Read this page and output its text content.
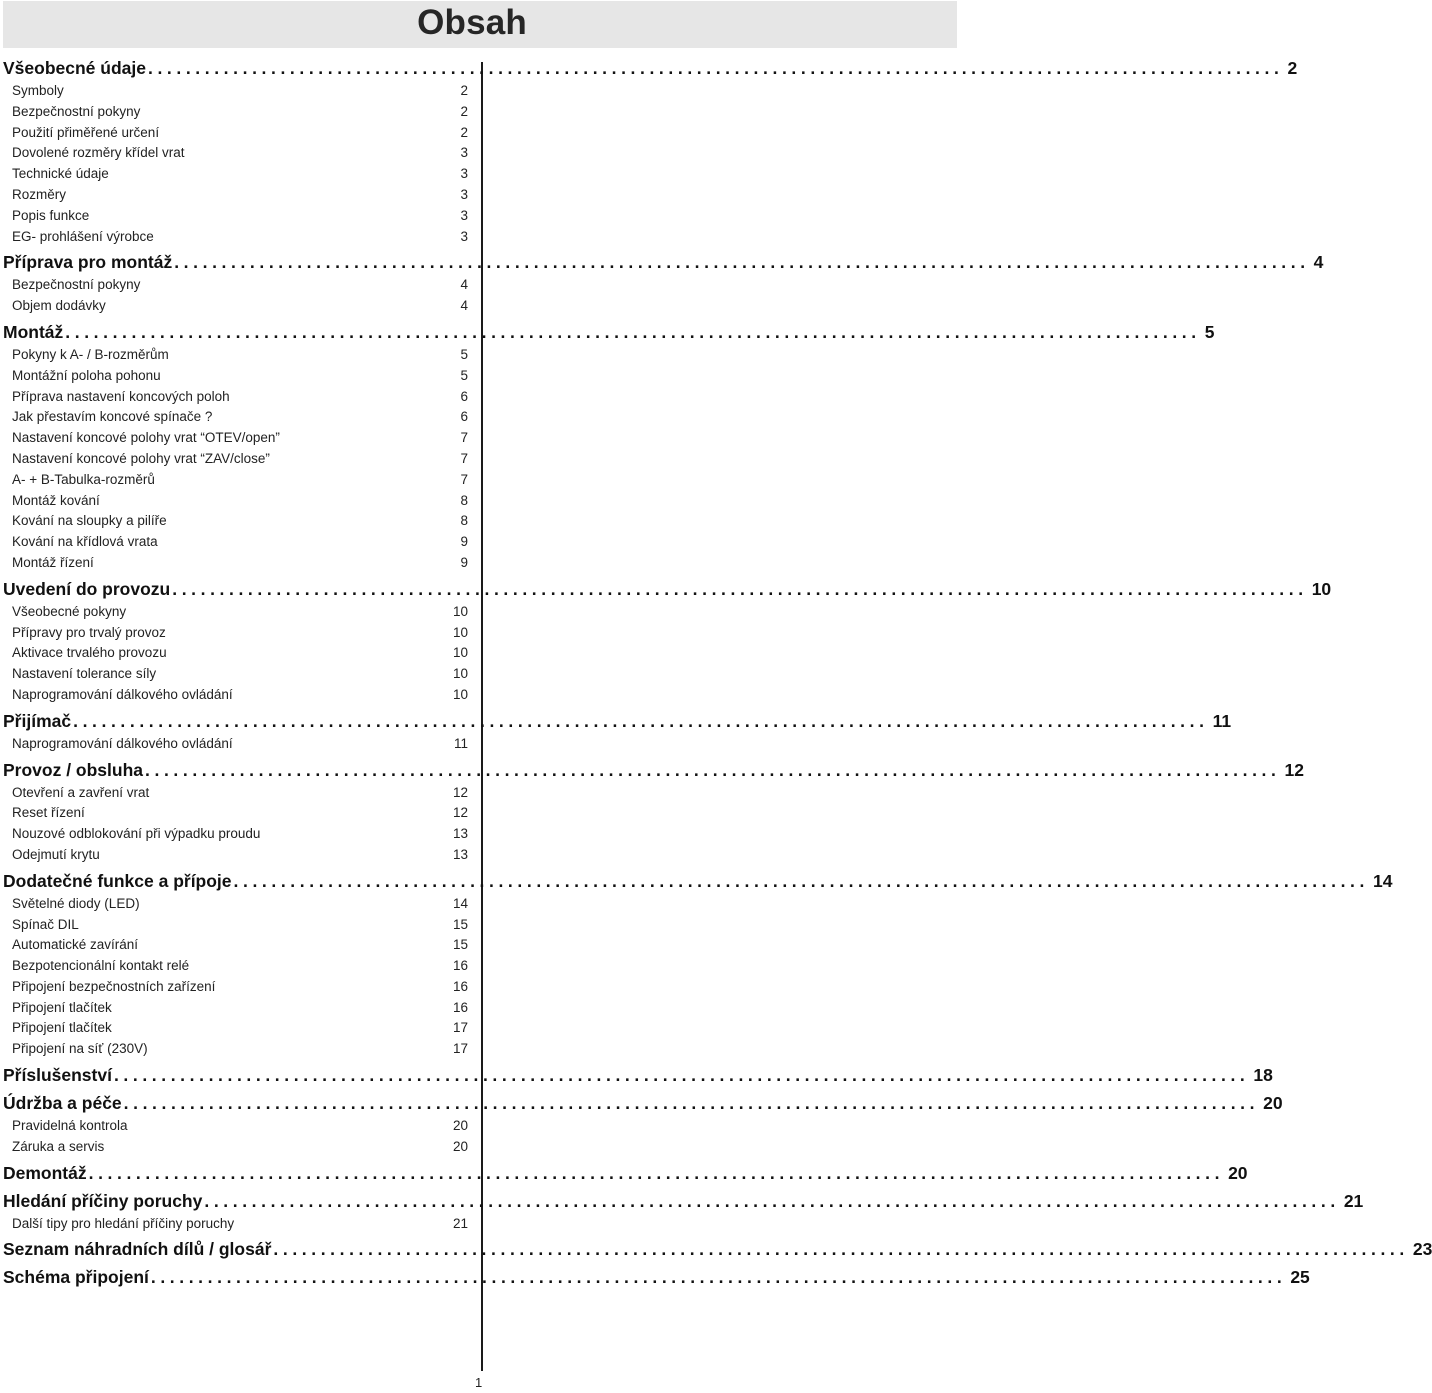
Obsah
Všeobecné údaje ........................................................................................................................ 2
Symboly	2
Bezpečnostní pokyny	2
Použití přiměřené určení	2
Dovolené rozměry křídel vrat	3
Technické údaje	3
Rozměry	3
Popis funkce	3
EG- prohlášení výrobce	3
Příprava pro montáž ........................................................................................................................ 4
Bezpečnostní pokyny	4
Objem dodávky	4
Montáž ........................................................................................................................ 5
Pokyny k A- / B-rozměrům	5
Montážní poloha pohonu	5
Příprava nastavení koncových poloh	6
Jak přestavím koncové spínače ?	6
Nastavení koncové polohy vrat “OTEV/open”	7
Nastavení koncové polohy vrat “ZAV/close”	7
A- + B-Tabulka-rozměrů	7
Montáž kování	8
Kování na sloupky a pilíře	8
Kování na křídlová vrata	9
Montáž řízení	9
Uvedení do provozu ........................................................................................................................ 10
Všeobecné pokyny	10
Přípravy pro trvalý provoz	10
Aktivace trvalého provozu	10
Nastavení tolerance síly	10
Naprogramování dálkového ovládání	10
Přijímač ........................................................................................................................ 11
Naprogramování dálkového ovládání	11
Provoz / obsluha ........................................................................................................................ 12
Otevření a zavření vrat	12
Reset řízení	12
Nouzové odblokování při výpadku proudu	13
Odejmutí krytu	13
Dodatečné funkce a přípoje ........................................................................................................................ 14
Světelné diody (LED)	14
Spínač DIL	15
Automatické zavírání	15
Bezpotencionální kontakt relé	16
Připojení bezpečnostních zařízení	16
Připojení tlačítek	16
Připojení tlačítek	17
Připojení na síť (230V)	17
Příslušenství ........................................................................................................................ 18
Údržba a péče ........................................................................................................................ 20
Pravidelná kontrola	20
Záruka a servis	20
Demontáž ........................................................................................................................ 20
Hledání příčiny poruchy ........................................................................................................................ 21
Další tipy pro hledání příčiny poruchy	21
Seznam náhradních dílů / glosář ........................................................................................................................ 23
Schéma připojení ........................................................................................................................ 25
1
